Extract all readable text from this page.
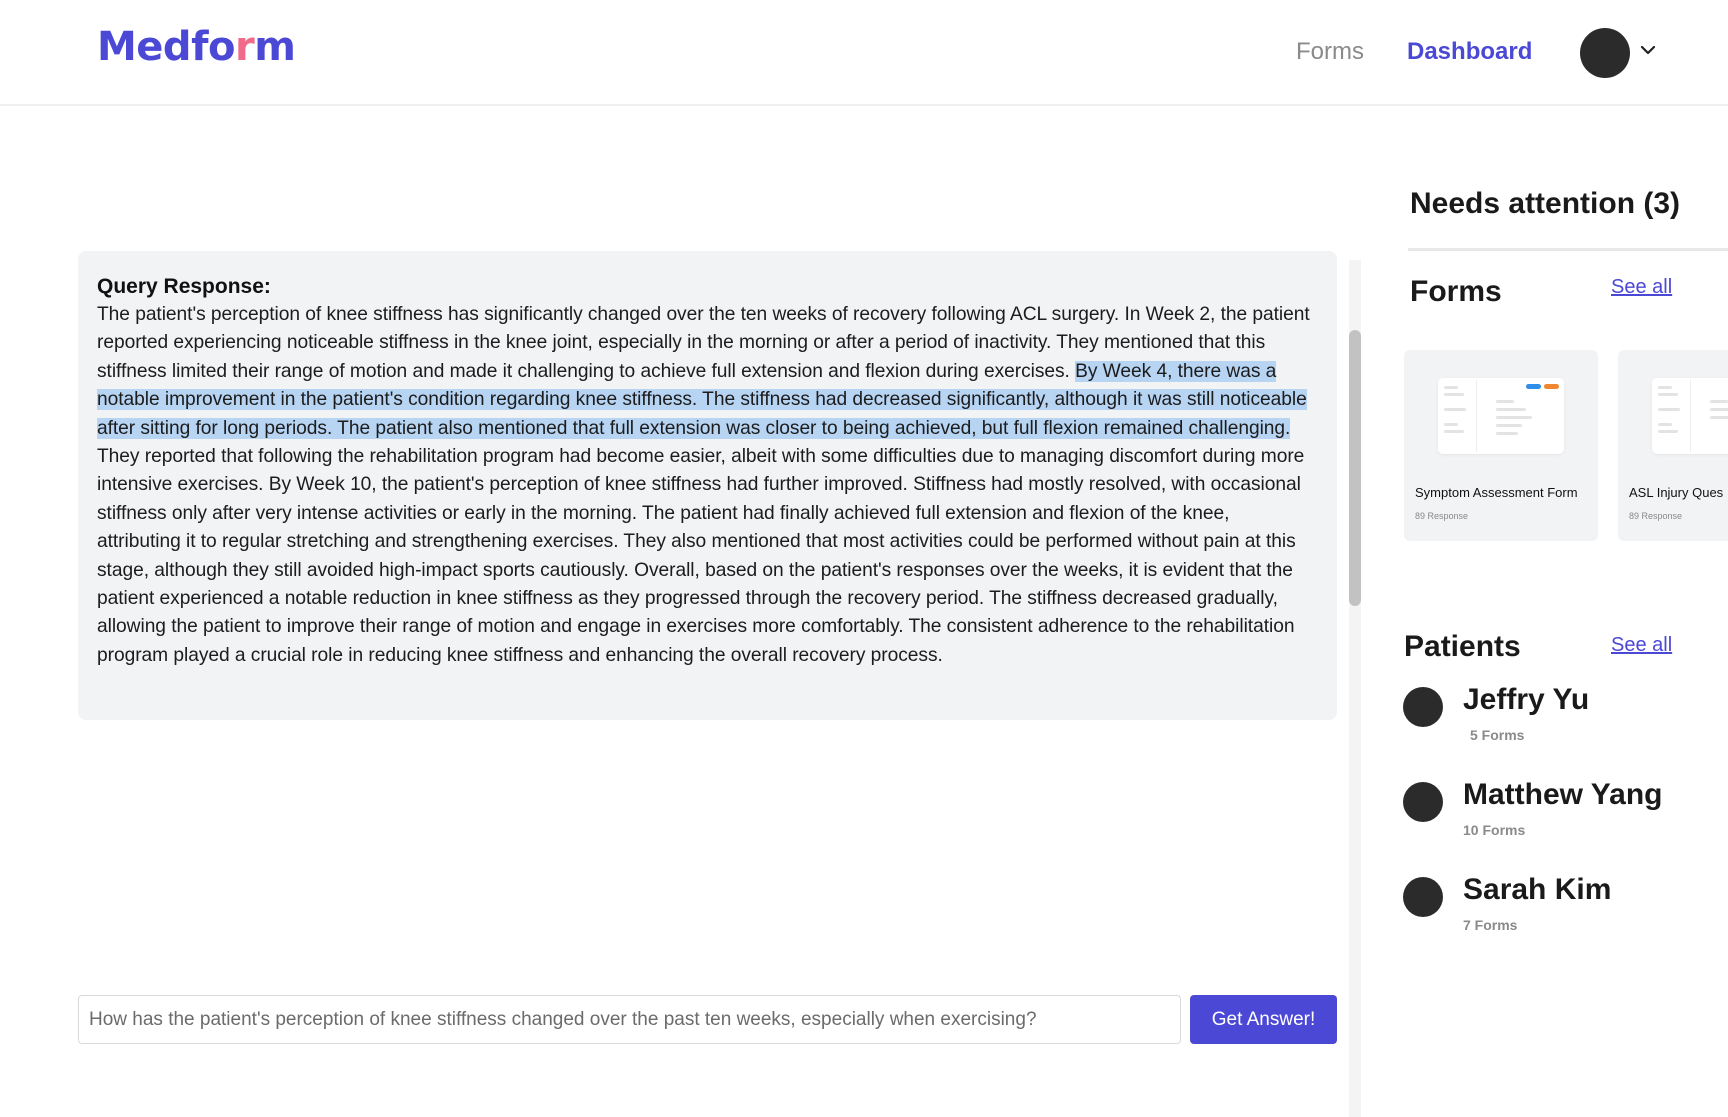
Medform	Forms Dashboard
Query Response:
The patient's perception of knee stiffness has significantly changed over the ten weeks of recovery following ACL surgery. In Week 2, the patient reported experiencing noticeable stiffness in the knee joint, especially in the morning or after a period of inactivity. They mentioned that this stiffness limited their range of motion and made it challenging to achieve full extension and flexion during exercises. By Week 4, there was a notable improvement in the patient's condition regarding knee stiffness. The stiffness had decreased significantly, although it was still noticeable after sitting for long periods. The patient also mentioned that full extension was closer to being achieved, but full flexion remained challenging. They reported that following the rehabilitation program had become easier, albeit with some difficulties due to managing discomfort during more intensive exercises. By Week 10, the patient's perception of knee stiffness had further improved. Stiffness had mostly resolved, with occasional stiffness only after very intense activities or early in the morning. The patient had finally achieved full extension and flexion of the knee, attributing it to regular stretching and strengthening exercises. They also mentioned that most activities could be performed without pain at this stage, although they still avoided high-impact sports cautiously. Overall, based on the patient's responses over the weeks, it is evident that the patient experienced a notable reduction in knee stiffness as they progressed through the recovery period. The stiffness decreased gradually, allowing the patient to improve their range of motion and engage in exercises more comfortably. The consistent adherence to the rehabilitation program played a crucial role in reducing knee stiffness and enhancing the overall recovery process.
How has the patient's perception of knee stiffness changed over the past ten weeks, especially when exercising?
Get Answer!
Needs attention (3)
Forms	See all
Symptom Assessment Form
89 Response
ASL Injury Ques
89 Response
Patients	See all
Jeffry Yu
5 Forms
Matthew Yang
10 Forms
Sarah Kim
7 Forms
